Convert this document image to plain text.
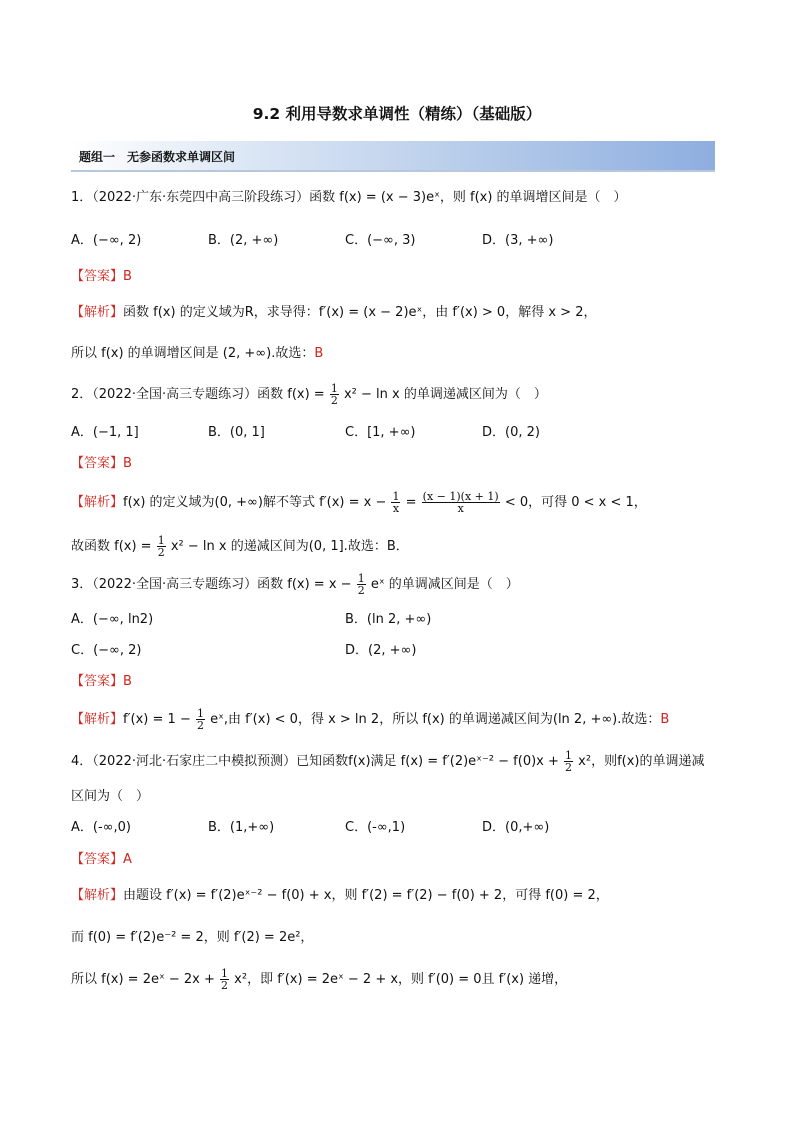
9.2 利用导数求单调性（精练）（基础版）
题组一　无参函数求单调区间
1．（2022·广东·东莞四中高三阶段练习）函数 f(x) = (x − 3)eˣ，则 f(x) 的单调增区间是（　）
A．(−∞, 2)	B．(2, +∞)	C．(−∞, 3)	D．(3, +∞)
【答案】B
【解析】函数 f(x) 的定义域为R，求导得：f′(x) = (x − 2)eˣ，由 f′(x) > 0，解得 x > 2，
所以 f(x) 的单调增区间是 (2, +∞).故选：B
2．（2022·全国·高三专题练习）函数 $f(x) = \frac{1}{2} x^2 - \ln x$ 的单调递减区间为（　）
A．(−1, 1]	B．(0, 1]	C．[1, +∞)	D．(0, 2)
【答案】B
【解析】f(x) 的定义域为(0, +∞)解不等式 $f'(x) = x - \frac{1}{x} = \frac{(x - 1)(x + 1)}{x} < 0$，可得 0 < x < 1，
故函数 $f(x) = \frac{1}{2} x^2 - \ln x$ 的递减区间为(0, 1].故选：B．
3．（2022·全国·高三专题练习）函数 $f(x) = x - \frac{1}{2}$ eˣ 的单调减区间是（　）
A．(−∞, ln2)	B．(ln 2, +∞)
C．(−∞, 2)	D．(2, +∞)
【答案】B
【解析】$f'(x) = 1 - \frac{1}{2}$ eˣ,由 f′(x) < 0，得 x > ln 2，所以 f(x) 的单调递减区间为(ln 2, +∞).故选：B
4．（2022·河北·石家庄二中模拟预测）已知函数f(x)满足 f(x) = f′(2)eˣ⁻² − $f(0)x + \frac{1}{2} x^2$，则f(x)的单调递减
区间为（　）
A．(-∞,0)	B．(1,+∞)	C．(-∞,1)	D．(0,+∞)
【答案】A
【解析】由题设 f′(x) = f′(2)eˣ⁻² − f(0) + x，则 f′(2) = f′(2) − f(0) + 2，可得 f(0) = 2，
而 f(0) = f′(2)e⁻² = 2，则 f′(2) = 2e²，
所以 f(x) = 2eˣ − $2x + \frac{1}{2} x^2$，即 f′(x) = 2eˣ − 2 + x，则 f′(0) = 0且 f′(x) 递增，
